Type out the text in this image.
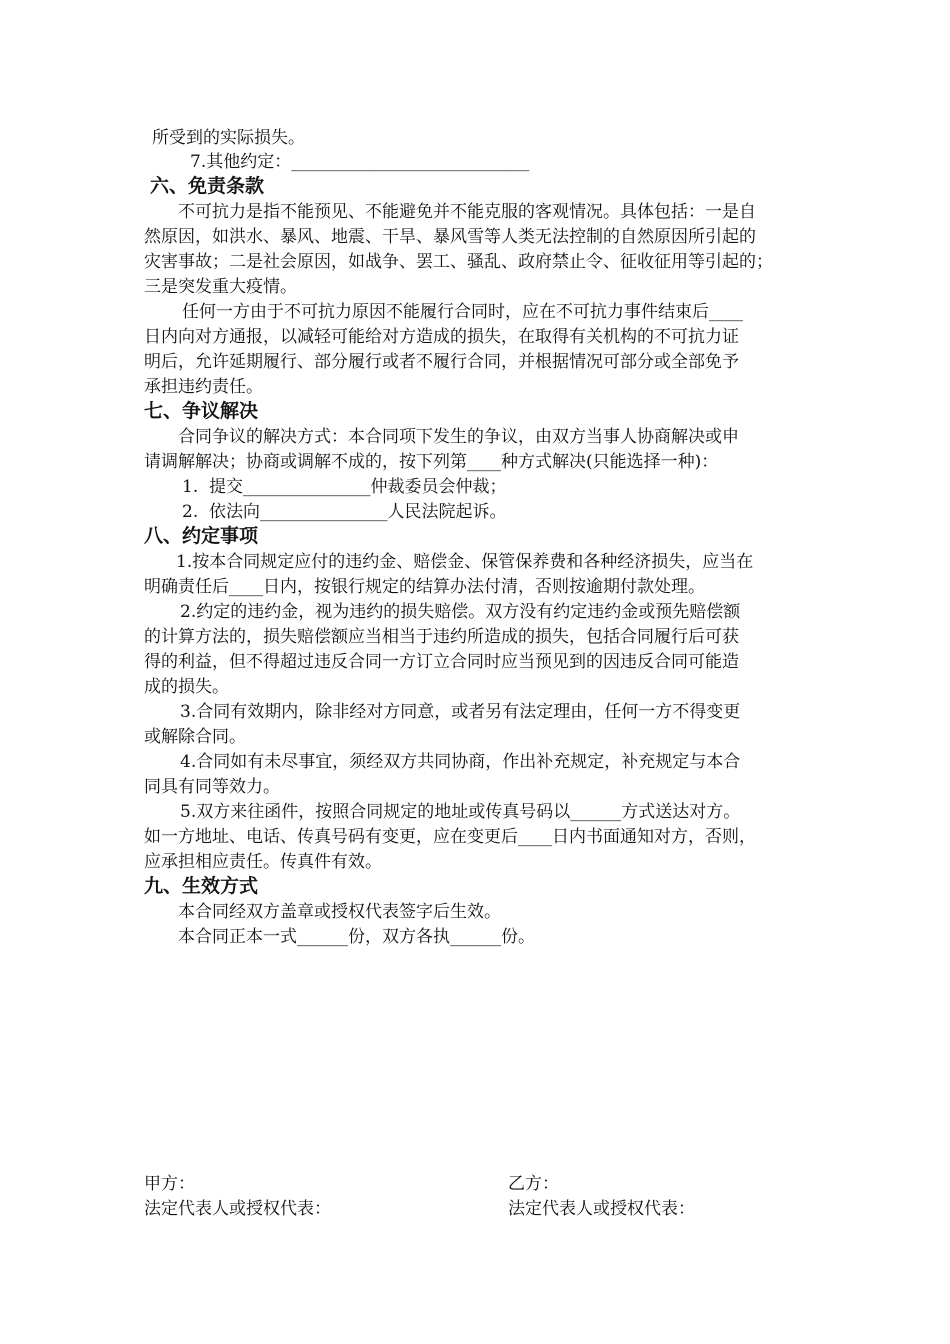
所受到的实际损失。
7.其他约定：____________________________
六、免责条款
不可抗力是指不能预见、不能避免并不能克服的客观情况。具体包括：一是自
然原因，如洪水、暴风、地震、干旱、暴风雪等人类无法控制的自然原因所引起的
灾害事故；二是社会原因，如战争、罢工、骚乱、政府禁止令、征收征用等引起的；
三是突发重大疫情。
任何一方由于不可抗力原因不能履行合同时，应在不可抗力事件结束后____
日内向对方通报，以减轻可能给对方造成的损失，在取得有关机构的不可抗力证
明后，允许延期履行、部分履行或者不履行合同，并根据情况可部分或全部免予
承担违约责任。
七、争议解决
合同争议的解决方式：本合同项下发生的争议，由双方当事人协商解决或申
请调解解决；协商或调解不成的，按下列第____种方式解决(只能选择一种)：
1.  提交_______________仲裁委员会仲裁；
2.  依法向_______________人民法院起诉。
八、约定事项
1.按本合同规定应付的违约金、赔偿金、保管保养费和各种经济损失，应当在
明确责任后____日内，按银行规定的结算办法付清，否则按逾期付款处理。
2.约定的违约金，视为违约的损失赔偿。双方没有约定违约金或预先赔偿额
的计算方法的，损失赔偿额应当相当于违约所造成的损失，包括合同履行后可获
得的利益，但不得超过违反合同一方订立合同时应当预见到的因违反合同可能造
成的损失。
3.合同有效期内，除非经对方同意，或者另有法定理由，任何一方不得变更
或解除合同。
4.合同如有未尽事宜，须经双方共同协商，作出补充规定，补充规定与本合
同具有同等效力。
5.双方来往函件，按照合同规定的地址或传真号码以______方式送达对方。
如一方地址、电话、传真号码有变更，应在变更后____日内书面通知对方，否则，
应承担相应责任。传真件有效。
九、生效方式
本合同经双方盖章或授权代表签字后生效。
本合同正本一式______份，双方各执______份。
甲方：
法定代表人或授权代表：
乙方：
法定代表人或授权代表：
